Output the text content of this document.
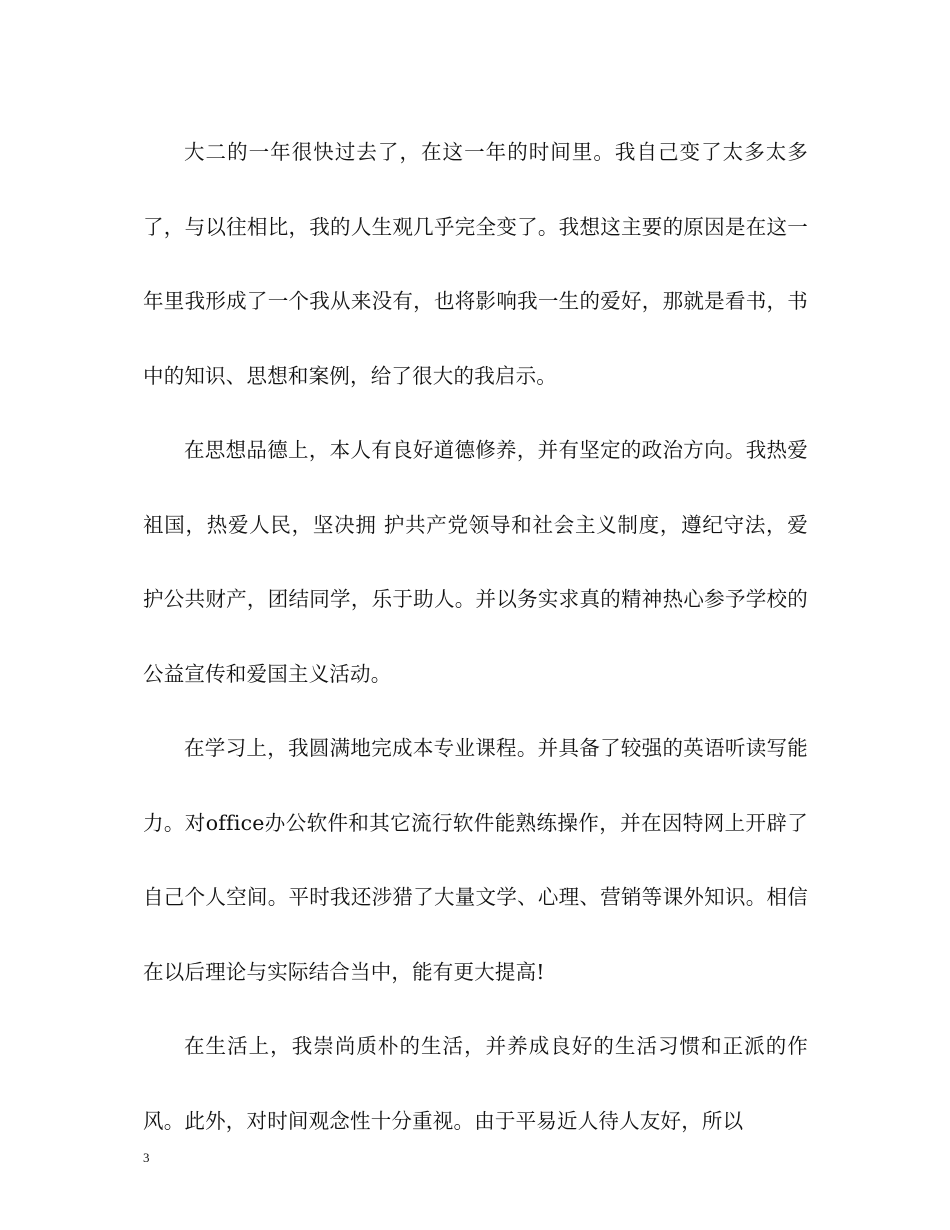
大二的一年很快过去了，在这一年的时间里。我自己变了太多太多了，与以往相比，我的人生观几乎完全变了。我想这主要的原因是在这一年里我形成了一个我从来没有，也将影响我一生的爱好，那就是看书，书中的知识、思想和案例，给了很大的我启示。

在思想品德上，本人有良好道德修养，并有坚定的政治方向。我热爱祖国，热爱人民，坚决拥 护共产党领导和社会主义制度，遵纪守法，爱护公共财产，团结同学，乐于助人。并以务实求真的精神热心参予学校的公益宣传和爱国主义活动。

在学习上，我圆满地完成本专业课程。并具备了较强的英语听读写能力。对office办公软件和其它流行软件能熟练操作，并在因特网上开辟了自己个人空间。平时我还涉猎了大量文学、心理、营销等课外知识。相信在以后理论与实际结合当中，能有更大提高!

在生活上，我崇尚质朴的生活，并养成良好的生活习惯和正派的作风。此外，对时间观念性十分重视。由于平易近人待人友好，所以

3
